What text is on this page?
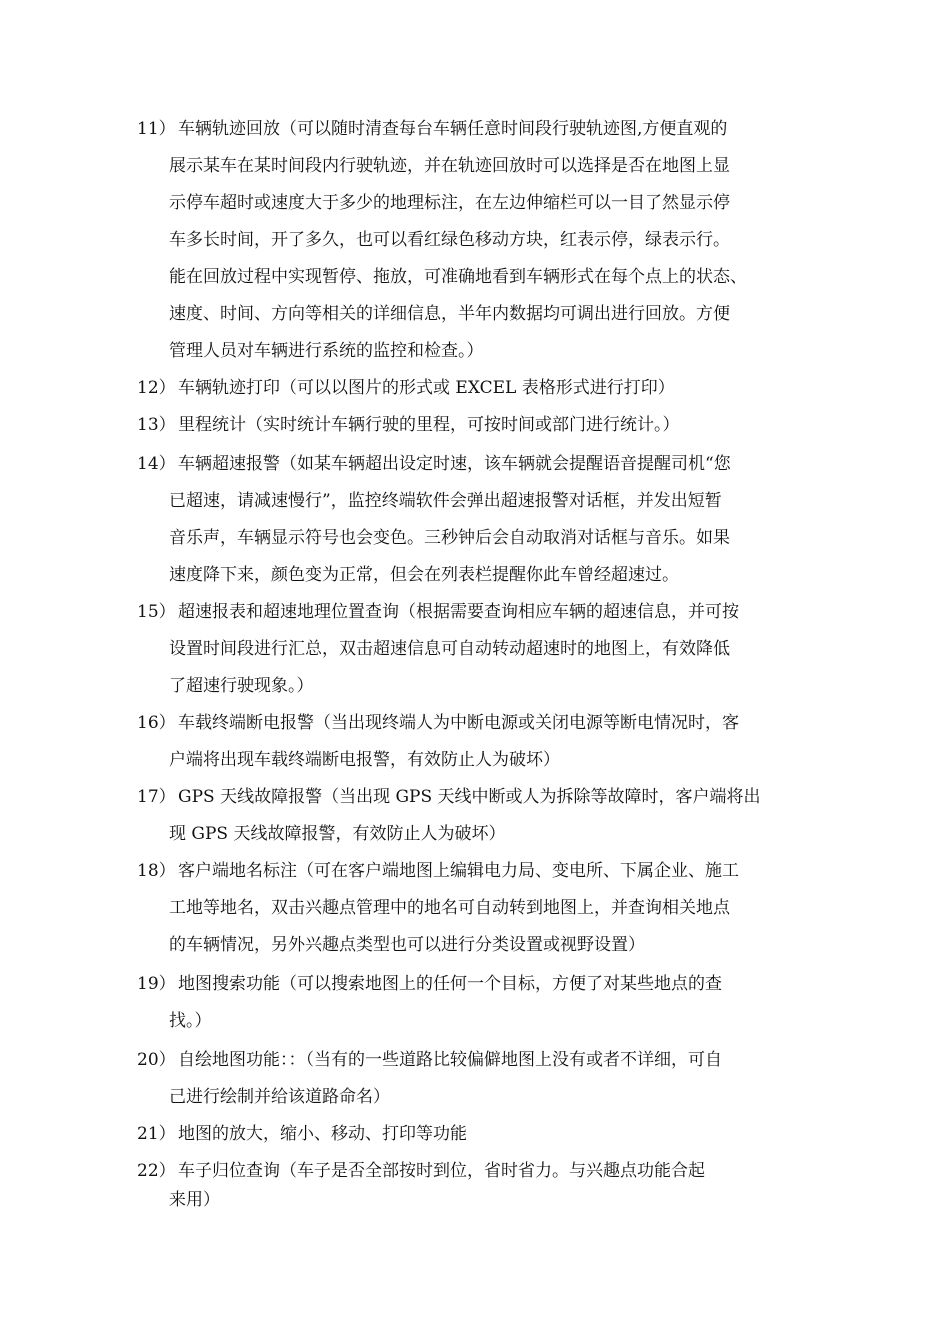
11） 车辆轨迹回放（可以随时清查每台车辆任意时间段行驶轨迹图,方便直观的
展示某车在某时间段内行驶轨迹，并在轨迹回放时可以选择是否在地图上显
示停车超时或速度大于多少的地理标注，在左边伸缩栏可以一目了然显示停
车多长时间，开了多久，也可以看红绿色移动方块，红表示停，绿表示行。
能在回放过程中实现暂停、拖放，可准确地看到车辆形式在每个点上的状态、
速度、时间、方向等相关的详细信息，半年内数据均可调出进行回放。方便
管理人员对车辆进行系统的监控和检查。）
12） 车辆轨迹打印（可以以图片的形式或 EXCEL 表格形式进行打印）
13） 里程统计（实时统计车辆行驶的里程，可按时间或部门进行统计。）
14） 车辆超速报警（如某车辆超出设定时速，该车辆就会提醒语音提醒司机“您
已超速，请减速慢行”，监控终端软件会弹出超速报警对话框，并发出短暂
音乐声，车辆显示符号也会变色。三秒钟后会自动取消对话框与音乐。如果
速度降下来，颜色变为正常，但会在列表栏提醒你此车曾经超速过。
15） 超速报表和超速地理位置查询（根据需要查询相应车辆的超速信息，并可按
设置时间段进行汇总，双击超速信息可自动转动超速时的地图上，有效降低
了超速行驶现象。）
16） 车载终端断电报警（当出现终端人为中断电源或关闭电源等断电情况时，客
户端将出现车载终端断电报警，有效防止人为破坏）
17） GPS 天线故障报警（当出现 GPS 天线中断或人为拆除等故障时，客户端将出
现 GPS 天线故障报警，有效防止人为破坏）
18） 客户端地名标注（可在客户端地图上编辑电力局、变电所、下属企业、施工
工地等地名，双击兴趣点管理中的地名可自动转到地图上，并查询相关地点
的车辆情况，另外兴趣点类型也可以进行分类设置或视野设置）
19） 地图搜索功能（可以搜索地图上的任何一个目标，方便了对某些地点的查
找。）
20） 自绘地图功能：：（当有的一些道路比较偏僻地图上没有或者不详细，可自
己进行绘制并给该道路命名）
21） 地图的放大，缩小、移动、打印等功能
22） 车子归位查询（车子是否全部按时到位，省时省力。与兴趣点功能合起
来用）
